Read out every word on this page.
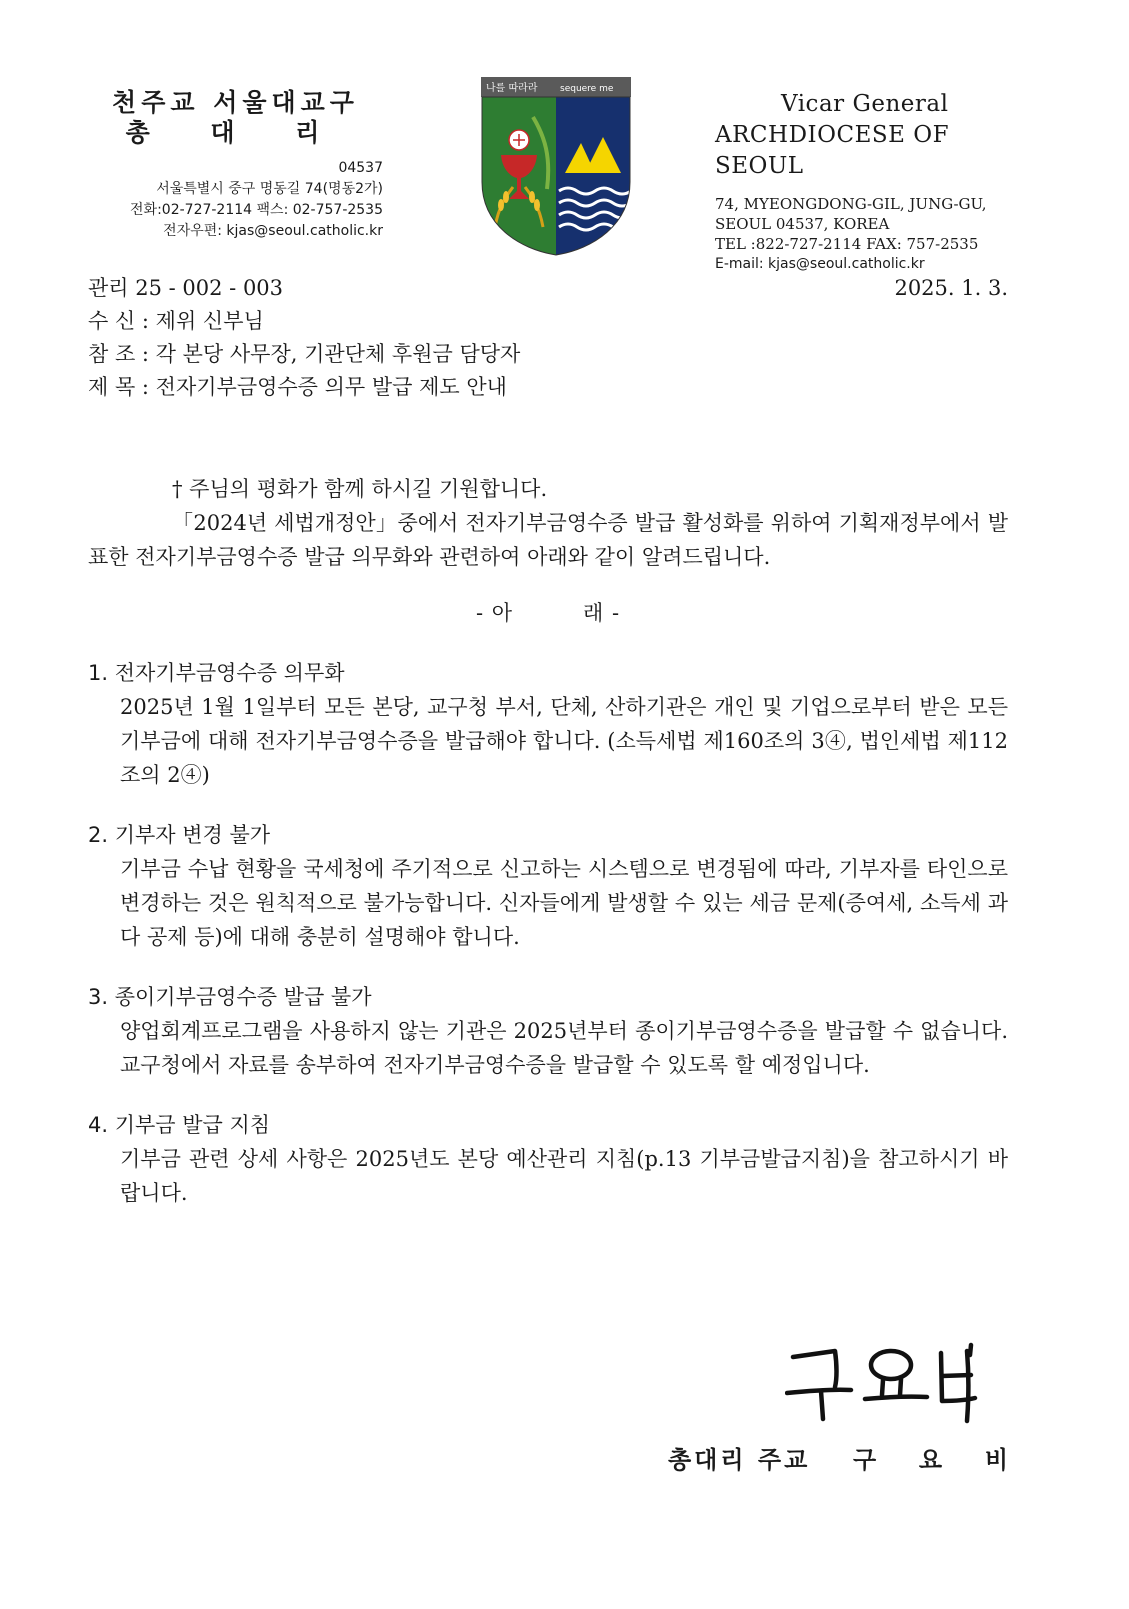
천주교 서울대교구
총 대 리
04537
서울특별시 중구 명동길 74(명동2가)
전화:02-727-2114 팩스: 02-757-2535
전자우편: kjas@seoul.catholic.kr
나를 따라라	sequere me
Vicar General
ARCHDIOCESE OF SEOUL
74, MYEONGDONG-GIL, JUNG-GU,
SEOUL 04537, KOREA
TEL :822-727-2114 FAX: 757-2535
E-mail: kjas@seoul.catholic.kr
관리 25 - 002 - 003	2025. 1. 3.
수 신 : 제위 신부님
참 조 : 각 본당 사무장, 기관단체 후원금 담당자
제 목 : 전자기부금영수증 의무 발급 제도 안내
† 주님의 평화가 함께 하시길 기원합니다.
「2024년 세법개정안」중에서 전자기부금영수증 발급 활성화를 위하여 기획재정부에서 발표한 전자기부금영수증 발급 의무화와 관련하여 아래와 같이 알려드립니다.
- 아	래 -
1. 전자기부금영수증 의무화
2025년 1월 1일부터 모든 본당, 교구청 부서, 단체, 산하기관은 개인 및 기업으로부터 받은 모든 기부금에 대해 전자기부금영수증을 발급해야 합니다. (소득세법 제160조의 3④, 법인세법 제112조의 2④)
2. 기부자 변경 불가
기부금 수납 현황을 국세청에 주기적으로 신고하는 시스템으로 변경됨에 따라, 기부자를 타인으로 변경하는 것은 원칙적으로 불가능합니다. 신자들에게 발생할 수 있는 세금 문제(증여세, 소득세 과다 공제 등)에 대해 충분히 설명해야 합니다.
3. 종이기부금영수증 발급 불가
양업회계프로그램을 사용하지 않는 기관은 2025년부터 종이기부금영수증을 발급할 수 없습니다. 교구청에서 자료를 송부하여 전자기부금영수증을 발급할 수 있도록 할 예정입니다.
4. 기부금 발급 지침
기부금 관련 상세 사항은 2025년도 본당 예산관리 지침(p.13 기부금발급지침)을 참고하시기 바랍니다.
총대리 주교 구 요 비
